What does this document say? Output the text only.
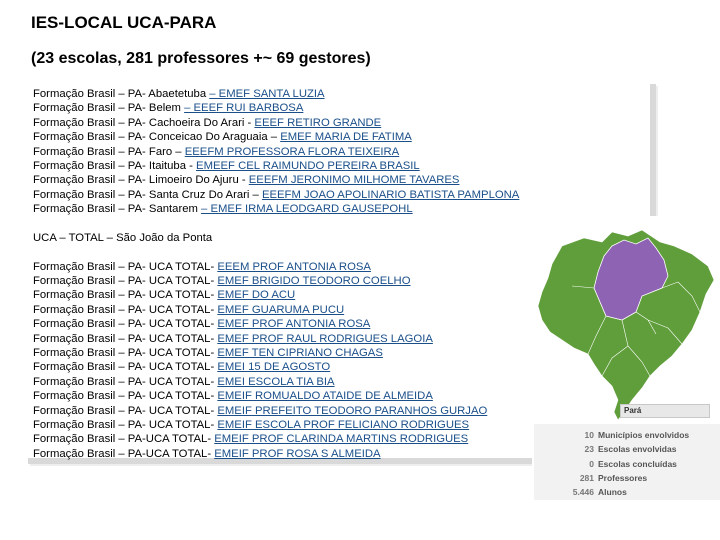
IES-LOCAL UCA-PARA
(23 escolas, 281 professores +~ 69 gestores)
Formação Brasil – PA- Abaetetuba – EMEF SANTA LUZIA
Formação Brasil – PA- Belem – EEEF RUI BARBOSA
Formação Brasil – PA- Cachoeira Do Arari - EEEF RETIRO GRANDE
Formação Brasil – PA- Conceicao Do Araguaia – EMEF MARIA DE FATIMA
Formação Brasil – PA- Faro – EEEFM PROFESSORA FLORA TEIXEIRA
Formação Brasil – PA- Itaituba - EMEEF CEL RAIMUNDO PEREIRA BRASIL
Formação Brasil – PA- Limoeiro Do Ajuru - EEEFM JERONIMO MILHOME TAVARES
Formação Brasil – PA- Santa Cruz Do Arari – EEEFM JOAO APOLINARIO BATISTA PAMPLONA
Formação Brasil – PA- Santarem – EMEF IRMA LEODGARD GAUSEPOHL
UCA – TOTAL – São João da Ponta
Formação Brasil – PA- UCA TOTAL- EEEM PROF ANTONIA ROSA
Formação Brasil – PA- UCA TOTAL- EMEF BRIGIDO TEODORO COELHO
Formação Brasil – PA- UCA TOTAL- EMEF DO ACU
Formação Brasil – PA- UCA TOTAL- EMEF GUARUMA PUCU
Formação Brasil – PA- UCA TOTAL- EMEF PROF ANTONIA ROSA
Formação Brasil – PA- UCA TOTAL- EMEF PROF RAUL RODRIGUES LAGOIA
Formação Brasil – PA- UCA TOTAL- EMEF TEN CIPRIANO CHAGAS
Formação Brasil – PA- UCA TOTAL- EMEI 15 DE AGOSTO
Formação Brasil – PA- UCA TOTAL- EMEI ESCOLA TIA BIA
Formação Brasil – PA- UCA TOTAL- EMEIF ROMUALDO ATAIDE DE ALMEIDA
Formação Brasil – PA- UCA TOTAL- EMEIF PREFEITO TEODORO PARANHOS GURJAO
Formação Brasil – PA- UCA TOTAL- EMEIF ESCOLA PROF FELICIANO RODRIGUES
Formação Brasil – PA-UCA TOTAL- EMEIF PROF CLARINDA MARTINS RODRIGUES
Formação Brasil – PA-UCA TOTAL- EMEIF PROF ROSA S ALMEIDA
Pará
10 Municípios envolvidos
23 Escolas envolvidas
0 Escolas concluídas
281 Professores
5.446 Alunos
